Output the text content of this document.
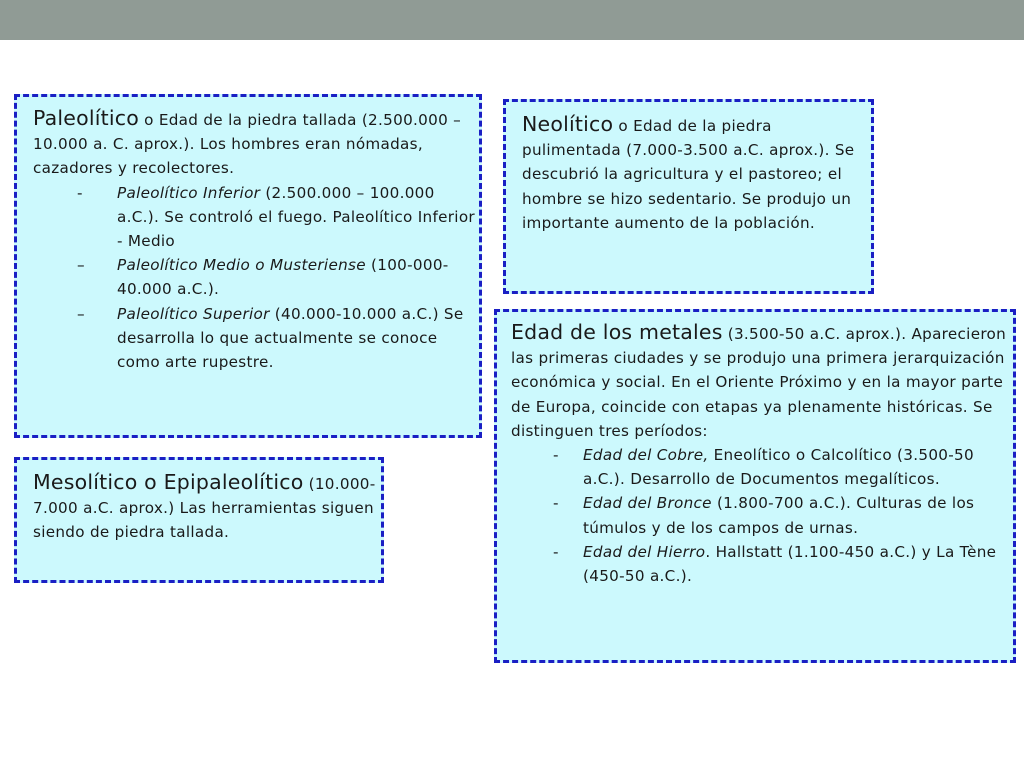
Paleolítico o Edad de la piedra tallada (2.500.000 – 10.000 a. C. aprox.). Los hombres eran nómadas, cazadores y recolectores.

- Paleolítico Inferior (2.500.000 – 100.000 a.C.). Se controló el fuego. Paleolítico Inferior - Medio
– Paleolítico Medio o Musteriense (100-000-40.000 a.C.).
– Paleolítico Superior (40.000-10.000 a.C.) Se desarrolla lo que actualmente se conoce como arte rupestre.

Neolítico o Edad de la piedra pulimentada (7.000-3.500 a.C. aprox.). Se descubrió la agricultura y el pastoreo; el hombre se hizo sedentario. Se produjo un importante aumento de la población.

Mesolítico o Epipaleolítico (10.000-7.000 a.C. aprox.) Las herramientas siguen siendo de piedra tallada.

Edad de los metales (3.500-50 a.C. aprox.). Aparecieron las primeras ciudades y se produjo una primera jerarquización económica y social. En el Oriente Próximo y en la mayor parte de Europa, coincide con etapas ya plenamente históricas. Se distinguen tres períodos:

- Edad del Cobre, Eneolítico o Calcolítico (3.500-50 a.C.). Desarrollo de Documentos megalíticos.
- Edad del Bronce (1.800-700 a.C.). Culturas de los túmulos y de los campos de urnas.
- Edad del Hierro. Hallstatt (1.100-450 a.C.) y La Tène (450-50 a.C.).
